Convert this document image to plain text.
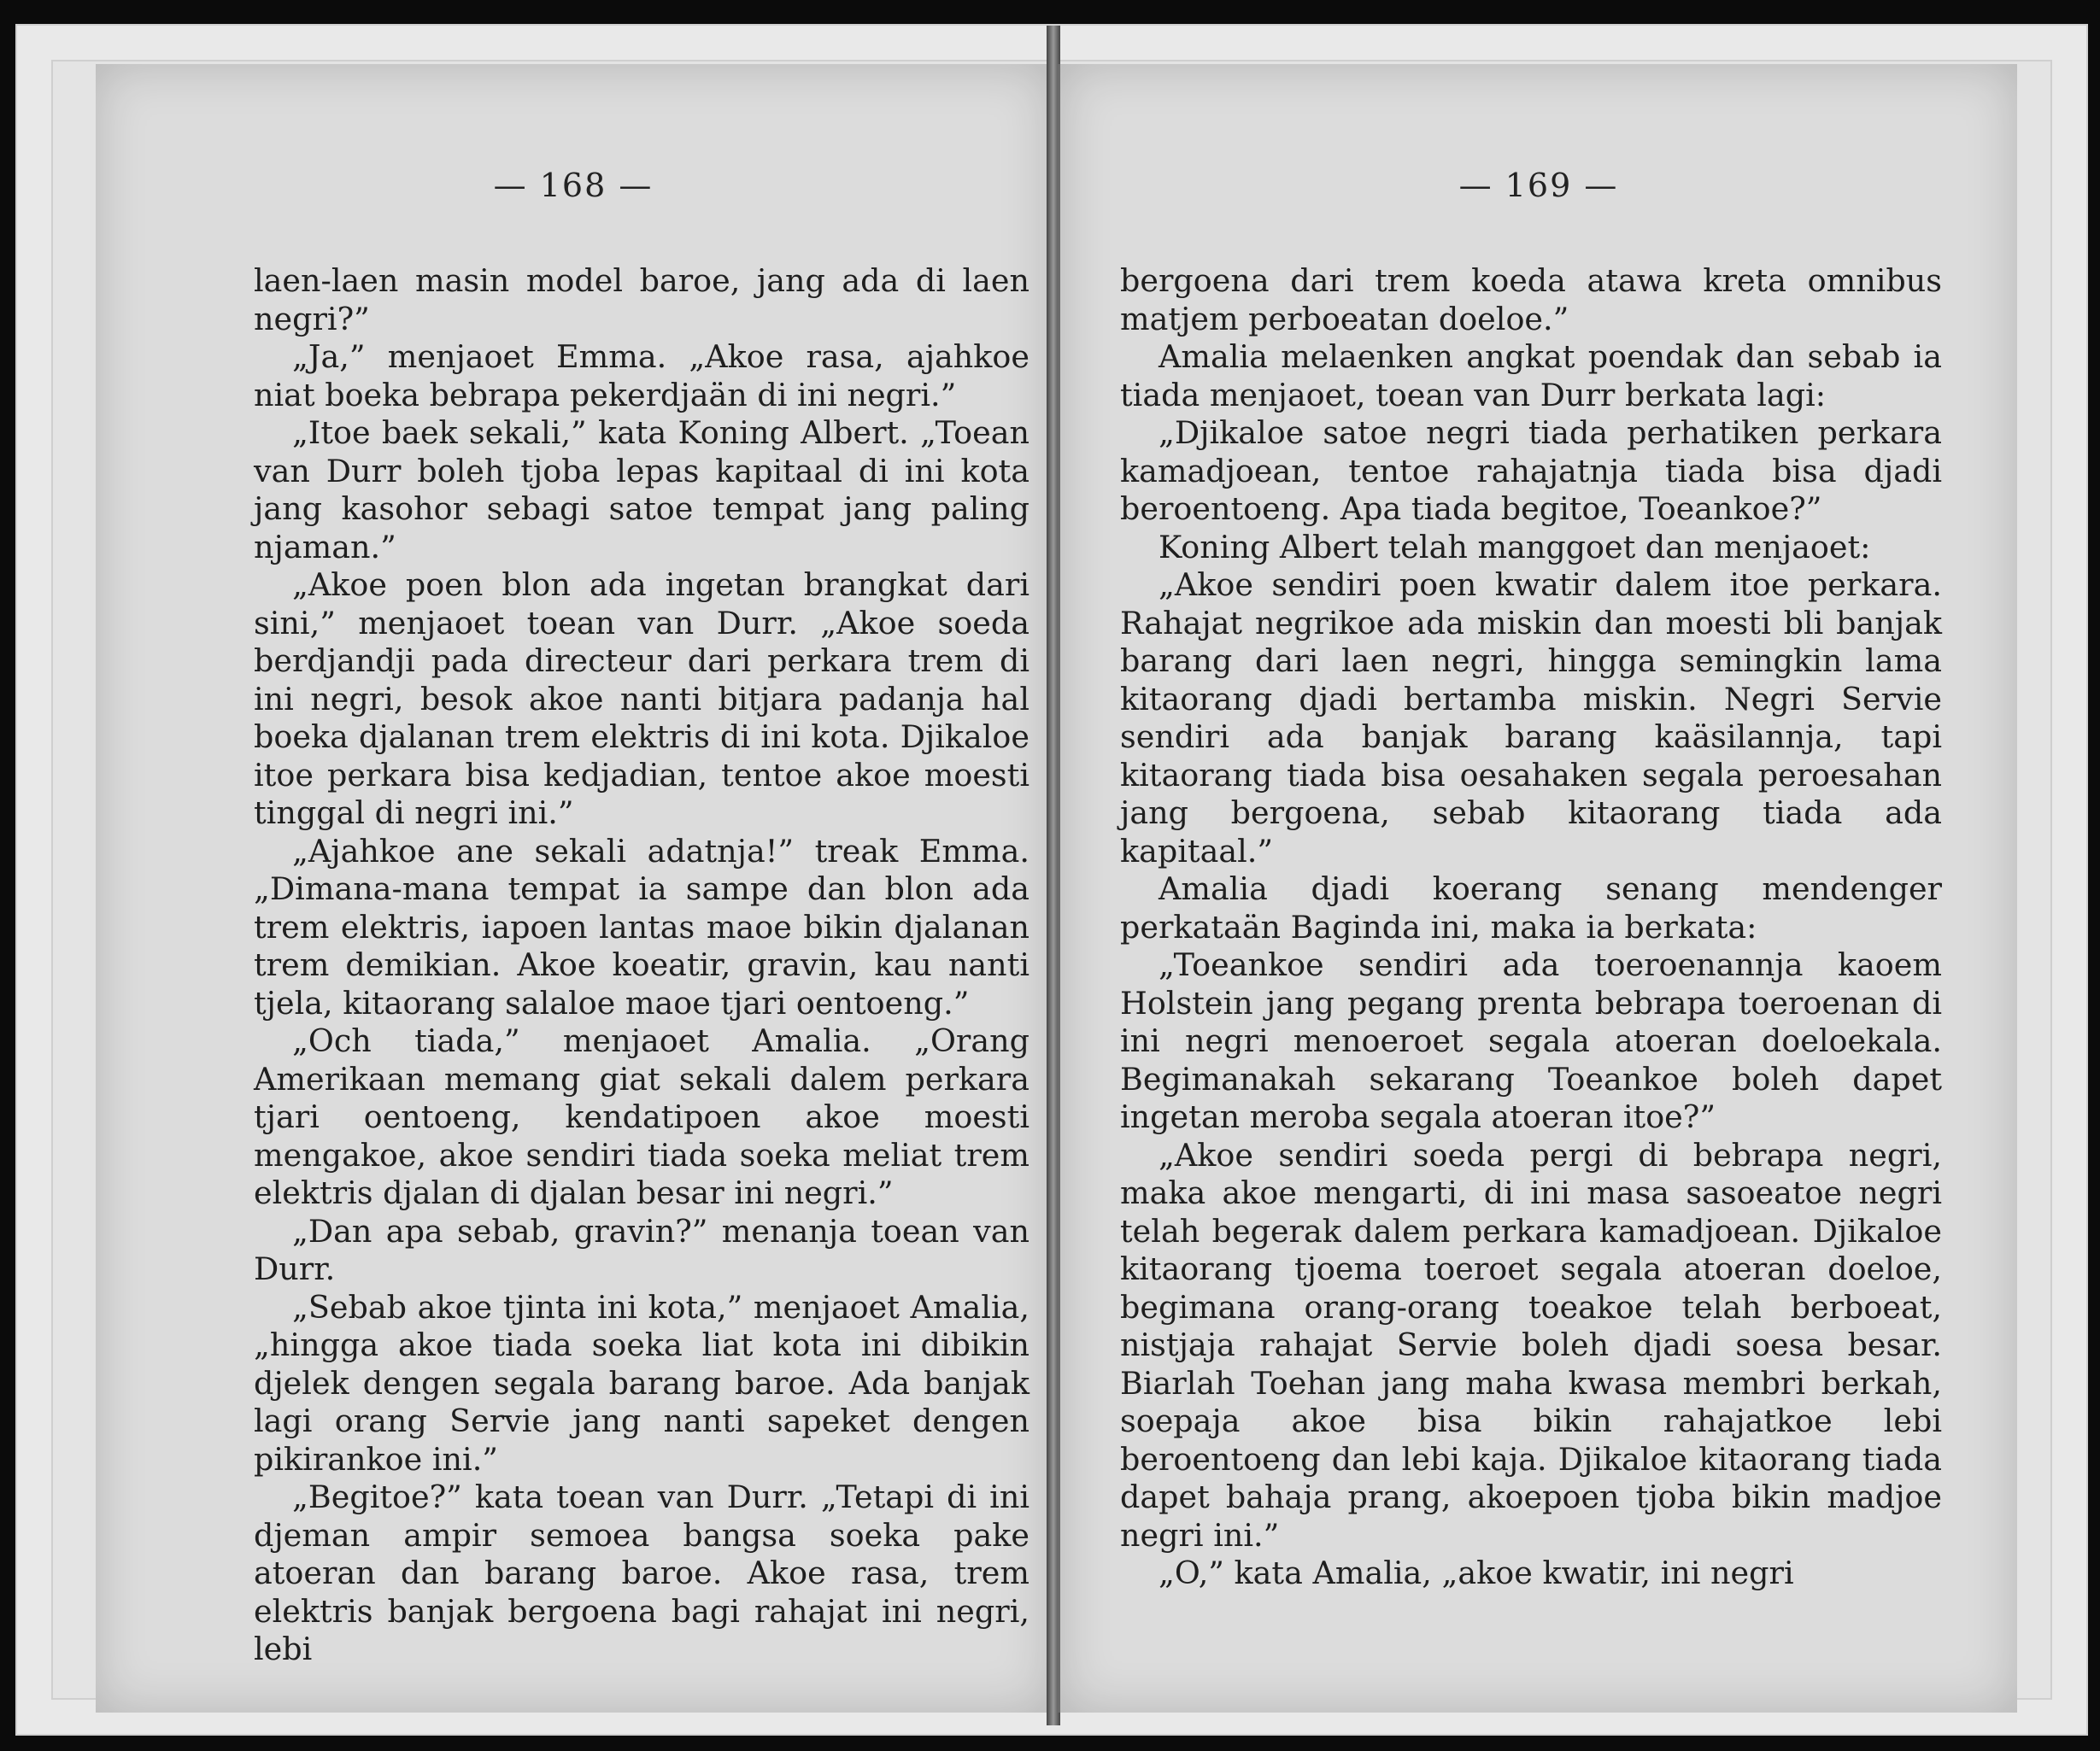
— 168 —

laen-laen masin model baroe, jang ada di laen negri?”

„Ja,” menjaoet Emma. „Akoe rasa, ajahkoe niat boeka bebrapa pekerdjaän di ini negri.”

„Itoe baek sekali,” kata Koning Albert. „Toean van Durr boleh tjoba lepas kapitaal di ini kota jang kasohor sebagi satoe tempat jang paling njaman.”

„Akoe poen blon ada ingetan brangkat dari sini,” menjaoet toean van Durr. „Akoe soeda berdjandji pada directeur dari perkara trem di ini negri, besok akoe nanti bitjara padanja hal boeka djalanan trem elektris di ini kota. Djikaloe itoe perkara bisa kedjadian, tentoe akoe moesti tinggal di negri ini.”

„Ajahkoe ane sekali adatnja!” treak Emma. „Dimana-mana tempat ia sampe dan blon ada trem elektris, iapoen lantas maoe bikin djalanan trem demikian. Akoe koeatir, gravin, kau nanti tjela, kitaorang salaloe maoe tjari oentoeng.”

„Och tiada,” menjaoet Amalia. „Orang Amerikaan memang giat sekali dalem perkara tjari oentoeng, kendatipoen akoe moesti mengakoe, akoe sendiri tiada soeka meliat trem elektris djalan di djalan besar ini negri.”

„Dan apa sebab, gravin?” menanja toean van Durr.

„Sebab akoe tjinta ini kota,” menjaoet Amalia, „hingga akoe tiada soeka liat kota ini dibikin djelek dengen segala barang baroe. Ada banjak lagi orang Servie jang nanti sapeket dengen pikirankoe ini.”

„Begitoe?” kata toean van Durr. „Tetapi di ini djeman ampir semoea bangsa soeka pake atoeran dan barang baroe. Akoe rasa, trem elektris banjak bergoena bagi rahajat ini negri, lebi

— 169 —

bergoena dari trem koeda atawa kreta omnibus matjem perboeatan doeloe.”

Amalia melaenken angkat poendak dan sebab ia tiada menjaoet, toean van Durr berkata lagi:

„Djikaloe satoe negri tiada perhatiken perkara kamadjoean, tentoe rahajatnja tiada bisa djadi beroentoeng. Apa tiada begitoe, Toeankoe?”

Koning Albert telah manggoet dan menjaoet:

„Akoe sendiri poen kwatir dalem itoe perkara. Rahajat negrikoe ada miskin dan moesti bli banjak barang dari laen negri, hingga semingkin lama kitaorang djadi bertamba miskin. Negri Servie sendiri ada banjak barang kaäsilannja, tapi kitaorang tiada bisa oesahaken segala peroesahan jang bergoena, sebab kitaorang tiada ada kapitaal.”

Amalia djadi koerang senang mendenger perkataän Baginda ini, maka ia berkata:

„Toeankoe sendiri ada toeroenannja kaoem Holstein jang pegang prenta bebrapa toeroenan di ini negri menoeroet segala atoeran doeloekala. Begimanakah sekarang Toeankoe boleh dapet ingetan meroba segala atoeran itoe?”

„Akoe sendiri soeda pergi di bebrapa negri, maka akoe mengarti, di ini masa sasoeatoe negri telah begerak dalem perkara kamadjoean. Djikaloe kitaorang tjoema toeroet segala atoeran doeloe, begimana orang-orang toeakoe telah berboeat, nistjaja rahajat Servie boleh djadi soesa besar. Biarlah Toehan jang maha kwasa membri berkah, soepaja akoe bisa bikin rahajatkoe lebi beroentoeng dan lebi kaja. Djikaloe kitaorang tiada dapet bahaja prang, akoepoen tjoba bikin madjoe negri ini.”

„O,” kata Amalia, „akoe kwatir, ini negri
